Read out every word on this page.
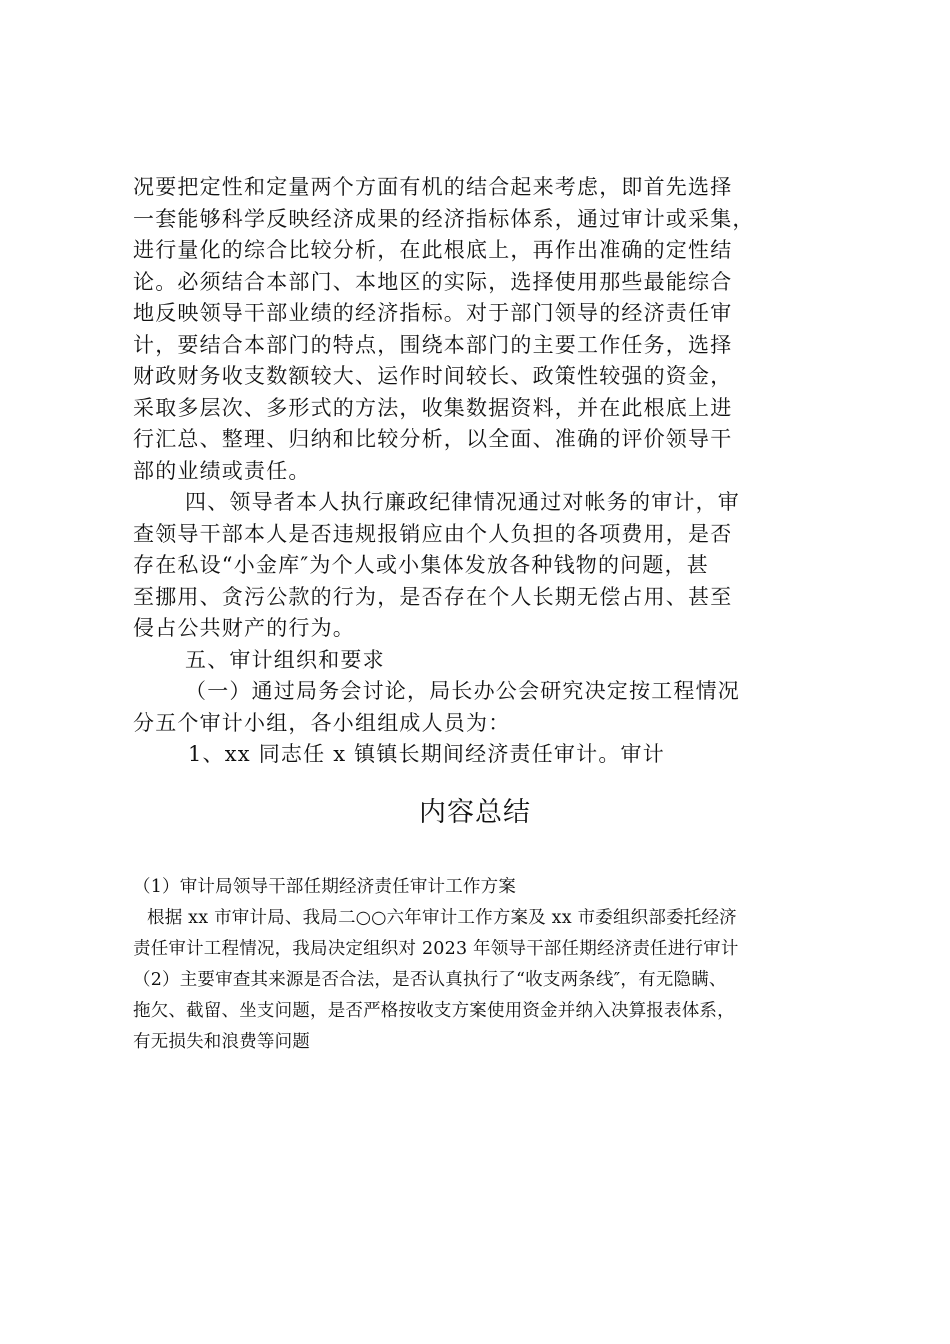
况要把定性和定量两个方面有机的结合起来考虑，即首先选择
一套能够科学反映经济成果的经济指标体系，通过审计或采集，
进行量化的综合比较分析，在此根底上，再作出准确的定性结
论。必须结合本部门、本地区的实际，选择使用那些最能综合
地反映领导干部业绩的经济指标。对于部门领导的经济责任审
计，要结合本部门的特点，围绕本部门的主要工作任务，选择
财政财务收支数额较大、运作时间较长、政策性较强的资金，
采取多层次、多形式的方法，收集数据资料，并在此根底上进
行汇总、整理、归纳和比较分析，以全面、准确的评价领导干
部的业绩或责任。
四、领导者本人执行廉政纪律情况通过对帐务的审计，审
查领导干部本人是否违规报销应由个人负担的各项费用，是否
存在私设“小金库″为个人或小集体发放各种钱物的问题，甚
至挪用、贪污公款的行为，是否存在个人长期无偿占用、甚至
侵占公共财产的行为。
五、审计组织和要求
（一）通过局务会讨论，局长办公会研究决定按工程情况
分五个审计小组，各小组组成人员为：
1、xx 同志任 x 镇镇长期间经济责任审计。审计
内容总结
（1）审计局领导干部任期经济责任审计工作方案
根据 xx 市审计局、我局二○○六年审计工作方案及 xx 市委组织部委托经济
责任审计工程情况，我局决定组织对 2023 年领导干部任期经济责任进行审计
（2）主要审查其来源是否合法，是否认真执行了“收支两条线″，有无隐瞒、
拖欠、截留、坐支问题，是否严格按收支方案使用资金并纳入决算报表体系，
有无损失和浪费等问题
